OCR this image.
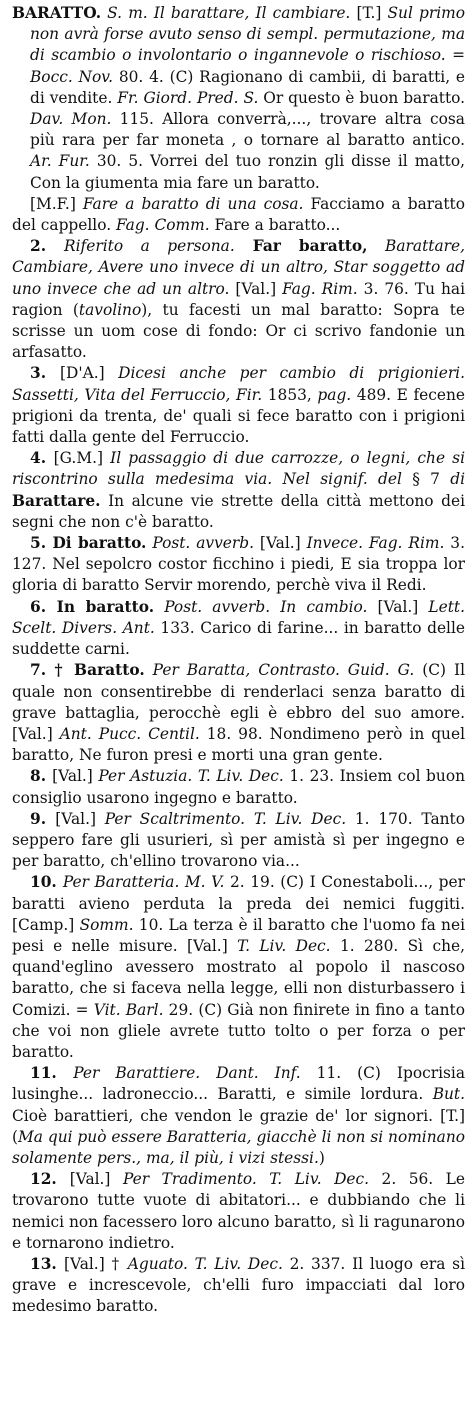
BARATTO. S. m. Il barattare, Il cambiare. [T.] Sul primo non avrà forse avuto senso di sempl. permutazione, ma di scambio o involontario o ingannevole o rischioso. = Bocc. Nov. 80. 4. (C) Ragionano di cambii, di baratti, e di vendite. Fr. Giord. Pred. S. Or questo è buon baratto. Dav. Mon. 115. Allora converrà,..., trovare altra cosa più rara per far moneta , o tornare al baratto antico. Ar. Fur. 30. 5. Vorrei del tuo ronzin gli disse il matto, Con la giumenta mia fare un baratto.

[M.F.] Fare a baratto di una cosa. Facciamo a baratto del cappello. Fag. Comm. Fare a baratto...

2. Riferito a persona. Far baratto, Barattare, Cambiare, Avere uno invece di un altro, Star soggetto ad uno invece che ad un altro. [Val.] Fag. Rim. 3. 76. Tu hai ragion (tavolino), tu facesti un mal baratto: Sopra te scrisse un uom cose di fondo: Or ci scrivo fandonie un arfasatto.

3. [D'A.] Dicesi anche per cambio di prigionieri. Sassetti, Vita del Ferruccio, Fir. 1853, pag. 489. E fecene prigioni da trenta, de' quali si fece baratto con i prigioni fatti dalla gente del Ferruccio.

4. [G.M.] Il passaggio di due carrozze, o legni, che si riscontrino sulla medesima via. Nel signif. del § 7 di Barattare. In alcune vie strette della città mettono dei segni che non c'è baratto.

5. Di baratto. Post. avverb. [Val.] Invece. Fag. Rim. 3. 127. Nel sepolcro costor ficchino i piedi, E sia troppa lor gloria di baratto Servir morendo, perchè viva il Redi.

6. In baratto. Post. avverb. In cambio. [Val.] Lett. Scelt. Divers. Ant. 133. Carico di farine... in baratto delle suddette carni.

7. † Baratto. Per Baratta, Contrasto. Guid. G. (C) Il quale non consentirebbe di renderlaci senza baratto di grave battaglia, perocchè egli è ebbro del suo amore. [Val.] Ant. Pucc. Centil. 18. 98. Nondimeno però in quel baratto, Ne furon presi e morti una gran gente.

8. [Val.] Per Astuzia. T. Liv. Dec. 1. 23. Insiem col buon consiglio usarono ingegno e baratto.

9. [Val.] Per Scaltrimento. T. Liv. Dec. 1. 170. Tanto seppero fare gli usurieri, sì per amistà sì per ingegno e per baratto, ch'ellino trovarono via...

10. Per Baratteria. M. V. 2. 19. (C) I Conestaboli..., per baratti avieno perduta la preda dei nemici fuggiti. [Camp.] Somm. 10. La terza è il baratto che l'uomo fa nei pesi e nelle misure. [Val.] T. Liv. Dec. 1. 280. Sì che, quand'eglino avessero mostrato al popolo il nascoso baratto, che si faceva nella legge, elli non disturbassero i Comizi. = Vit. Barl. 29. (C) Già non finirete in fino a tanto che voi non gliele avrete tutto tolto o per forza o per baratto.

11. Per Barattiere. Dant. Inf. 11. (C) Ipocrisia lusinghe... ladroneccio... Baratti, e simile lordura. But. Cioè barattieri, che vendon le grazie de' lor signori. [T.] (Ma qui può essere Baratteria, giacchè li non si nominano solamente pers., ma, il più, i vizi stessi.)

12. [Val.] Per Tradimento. T. Liv. Dec. 2. 56. Le trovarono tutte vuote di abitatori... e dubbiando che li nemici non facessero loro alcuno baratto, sì li ragunarono e tornarono indietro.

13. [Val.] † Aguato. T. Liv. Dec. 2. 337. Il luogo era sì grave e increscevole, ch'elli furo impacciati dal loro medesimo baratto.
